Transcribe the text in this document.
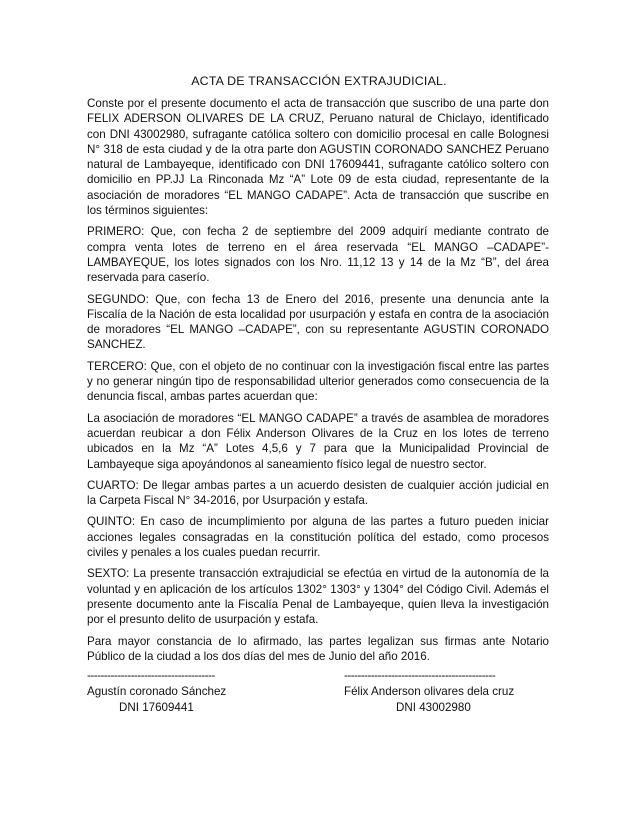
ACTA DE TRANSACCIÓN EXTRAJUDICIAL.

Conste por el presente documento el acta de transacción que suscribo de una parte don FELIX ADERSON OLIVARES DE LA CRUZ, Peruano natural de Chiclayo, identificado con DNI 43002980, sufragante católica soltero con domicilio procesal en calle Bolognesi N° 318 de esta ciudad y de la otra parte don AGUSTIN CORONADO SANCHEZ Peruano natural de Lambayeque, identificado con DNI 17609441, sufragante católico soltero con domicilio en PP.JJ La Rinconada Mz “A” Lote 09 de esta ciudad, representante de la asociación de moradores “EL MANGO CADAPE”. Acta de transacción que suscribe en los términos siguientes:

PRIMERO: Que, con fecha 2 de septiembre del 2009 adquirí mediante contrato de compra venta lotes de terreno en el área reservada “EL MANGO –CADAPE”-LAMBAYEQUE, los lotes signados con los Nro. 11,12 13 y 14 de la Mz “B”, del área reservada para caserío.

SEGUNDO: Que, con fecha 13 de Enero del 2016, presente una denuncia ante la Fiscalía de la Nación de esta localidad por usurpación y estafa en contra de la asociación de moradores “EL MANGO –CADAPE”, con su representante AGUSTIN CORONADO SANCHEZ.

TERCERO: Que, con el objeto de no continuar con la investigación fiscal entre las partes y no generar ningún tipo de responsabilidad ulterior generados como consecuencia de la denuncia fiscal, ambas partes acuerdan que:

La asociación de moradores “EL MANGO CADAPE” a través de asamblea de moradores acuerdan reubicar a don Félix Anderson Olivares de la Cruz en los lotes de terreno ubicados en la Mz “A” Lotes 4,5,6 y 7 para que la Municipalidad Provincial de Lambayeque siga apoyándonos al saneamiento físico legal de nuestro sector.

CUARTO: De llegar ambas partes a un acuerdo desisten de cualquier acción judicial en la Carpeta Fiscal N° 34-2016, por Usurpación y estafa.

QUINTO: En caso de incumplimiento por alguna de las partes a futuro pueden iniciar acciones legales consagradas en la constitución política del estado, como procesos civiles y penales a los cuales puedan recurrir.

SEXTO: La presente transacción extrajudicial se efectúa en virtud de la autonomía de la voluntad y en aplicación de los artículos 1302° 1303° y 1304° del Código Civil. Además el presente documento ante la Fiscalía Penal de Lambayeque, quien lleva la investigación por el presunto delito de usurpación y estafa.

Para mayor constancia de lo afirmado, las partes legalizan sus firmas ante Notario Público de la ciudad a los dos días del mes de Junio del año 2016.

--------------------------------------
Agustín coronado Sánchez
DNI 17609441
---------------------------------------------
Félix Anderson olivares dela cruz
DNI 43002980
